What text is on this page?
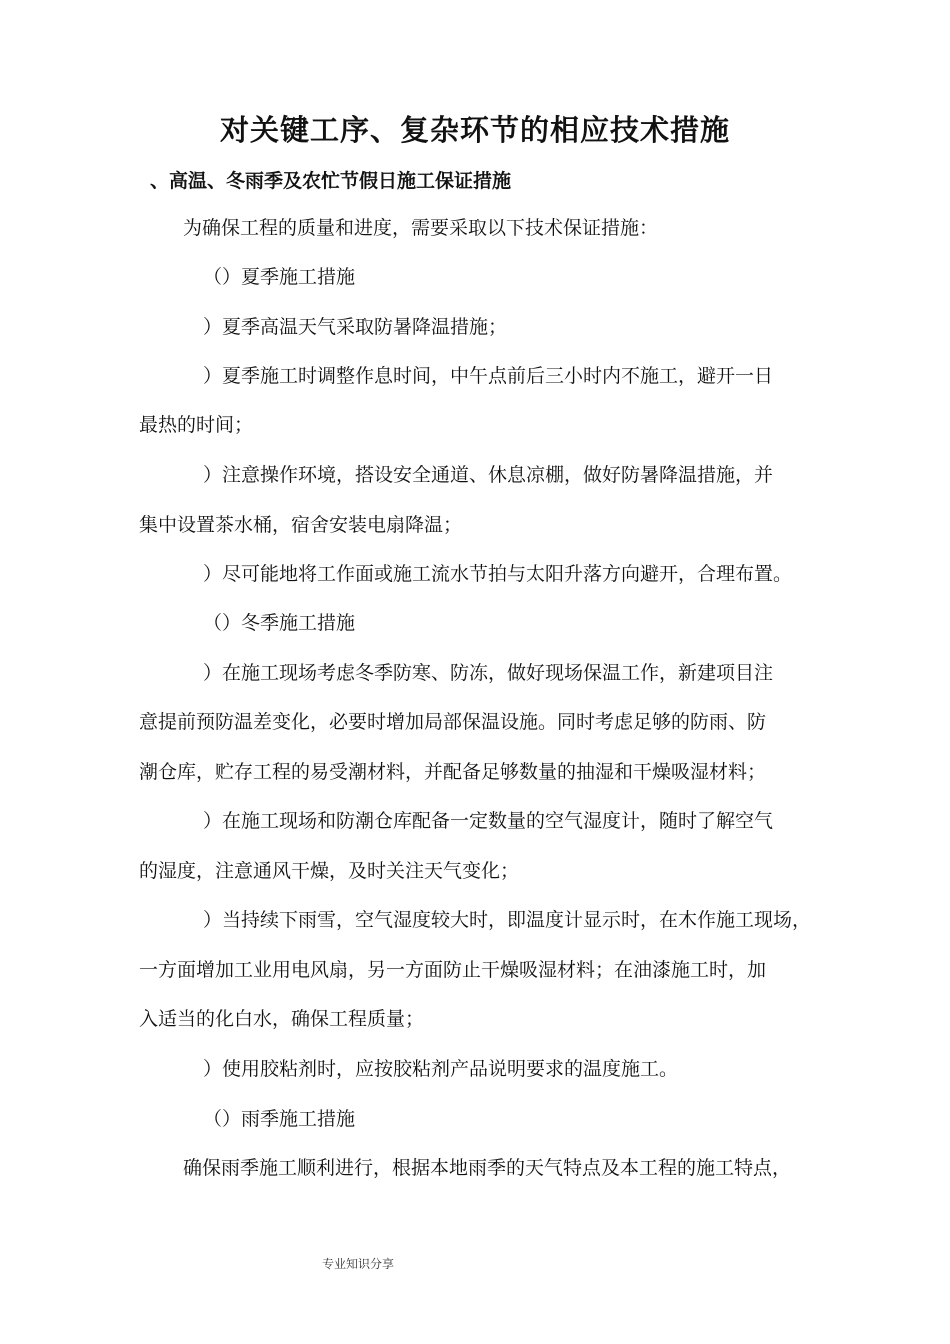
对关键工序、复杂环节的相应技术措施
、高温、冬雨季及农忙节假日施工保证措施
为确保工程的质量和进度，需要采取以下技术保证措施：
（）夏季施工措施
）夏季高温天气采取防暑降温措施；
）夏季施工时调整作息时间，中午点前后三小时内不施工，避开一日
最热的时间；
）注意操作环境，搭设安全通道、休息凉棚，做好防暑降温措施，并
集中设置茶水桶，宿舍安装电扇降温；
）尽可能地将工作面或施工流水节拍与太阳升落方向避开，合理布置。
（）冬季施工措施
）在施工现场考虑冬季防寒、防冻，做好现场保温工作，新建项目注
意提前预防温差变化，必要时增加局部保温设施。同时考虑足够的防雨、防
潮仓库，贮存工程的易受潮材料，并配备足够数量的抽湿和干燥吸湿材料；
）在施工现场和防潮仓库配备一定数量的空气湿度计，随时了解空气
的湿度，注意通风干燥，及时关注天气变化；
）当持续下雨雪，空气湿度较大时，即温度计显示时，在木作施工现场，
一方面增加工业用电风扇，另一方面防止干燥吸湿材料；在油漆施工时，加
入适当的化白水，确保工程质量；
）使用胶粘剂时，应按胶粘剂产品说明要求的温度施工。
（）雨季施工措施
确保雨季施工顺利进行，根据本地雨季的天气特点及本工程的施工特点，
专业知识分享
